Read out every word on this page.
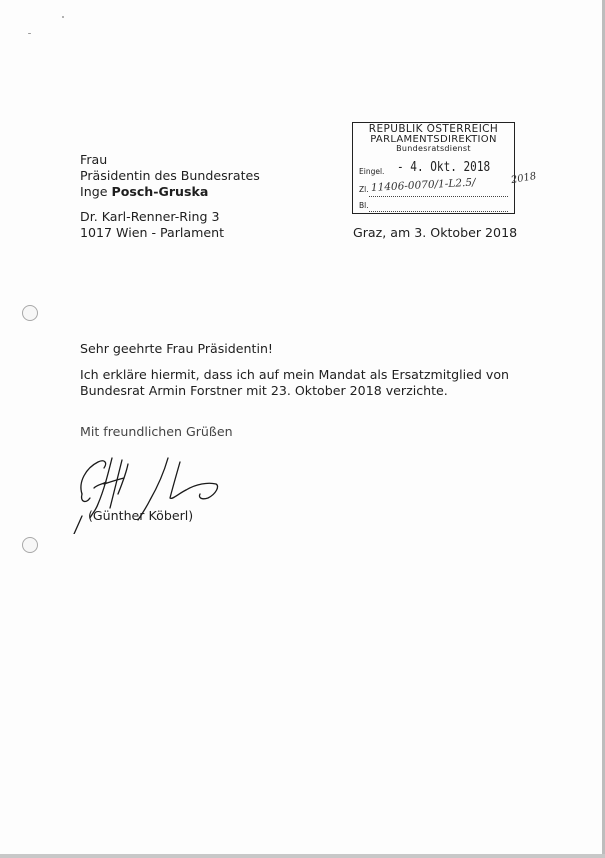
Frau
Präsidentin des Bundesrates
Inge Posch-Gruska
Dr. Karl-Renner-Ring 3
1017 Wien - Parlament
REPUBLIK ÖSTERREICH
PARLAMENTSDIREKTION
Bundesratsdienst
Eingel. - 4. Okt. 2018
Zl. 11406-0070/1-L2.5/
Bl.
2018
Graz, am 3. Oktober 2018
Sehr geehrte Frau Präsidentin!
Ich erkläre hiermit, dass ich auf mein Mandat als Ersatzmitglied von
Bundesrat Armin Forstner mit 23. Oktober 2018 verzichte.
Mit freundlichen Grüßen
(Günther Köberl)
